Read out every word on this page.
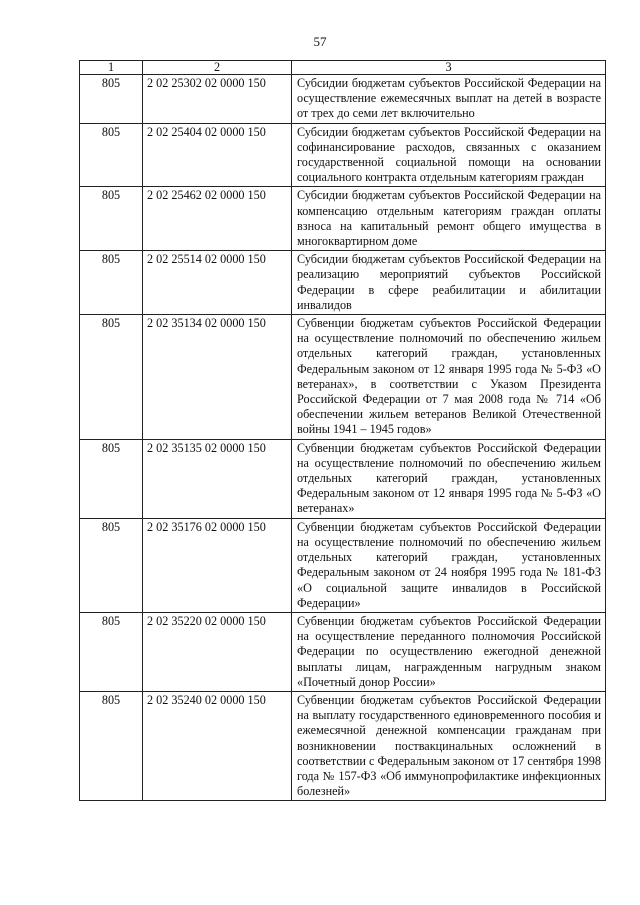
57
1	2	3
805	2 02 25302 02 0000 150	Субсидии бюджетам субъектов Российской Федерации на осуществление ежемесячных выплат на детей в возрасте от трех до семи лет включительно
805	2 02 25404 02 0000 150	Субсидии бюджетам субъектов Российской Федерации на софинансирование расходов, связанных с оказанием государственной социальной помощи на основании социального контракта отдельным категориям граждан
805	2 02 25462 02 0000 150	Субсидии бюджетам субъектов Российской Федерации на компенсацию отдельным категориям граждан оплаты взноса на капитальный ремонт общего имущества в многоквартирном доме
805	2 02 25514 02 0000 150	Субсидии бюджетам субъектов Российской Федерации на реализацию мероприятий субъектов Российской Федерации в сфере реабилитации и абилитации инвалидов
805	2 02 35134 02 0000 150	Субвенции бюджетам субъектов Российской Федерации на осуществление полномочий по обеспечению жильем отдельных категорий граждан, установленных Федеральным законом от 12 января 1995 года № 5-ФЗ «О ветеранах», в соответствии с Указом Президента Российской Федерации от 7 мая 2008 года № 714 «Об обеспечении жильем ветеранов Великой Отечественной войны 1941 – 1945 годов»
805	2 02 35135 02 0000 150	Субвенции бюджетам субъектов Российской Федерации на осуществление полномочий по обеспечению жильем отдельных категорий граждан, установленных Федеральным законом от 12 января 1995 года № 5-ФЗ «О ветеранах»
805	2 02 35176 02 0000 150	Субвенции бюджетам субъектов Российской Федерации на осуществление полномочий по обеспечению жильем отдельных категорий граждан, установленных Федеральным законом от 24 ноября 1995 года № 181-ФЗ «О социальной защите инвалидов в Российской Федерации»
805	2 02 35220 02 0000 150	Субвенции бюджетам субъектов Российской Федерации на осуществление переданного полномочия Российской Федерации по осуществлению ежегодной денежной выплаты лицам, награжденным нагрудным знаком «Почетный донор России»
805	2 02 35240 02 0000 150	Субвенции бюджетам субъектов Российской Федерации на выплату государственного единовременного пособия и ежемесячной денежной компенсации гражданам при возникновении поствакцинальных осложнений в соответствии с Федеральным законом от 17 сентября 1998 года № 157-ФЗ «Об иммунопрофилактике инфекционных болезней»
